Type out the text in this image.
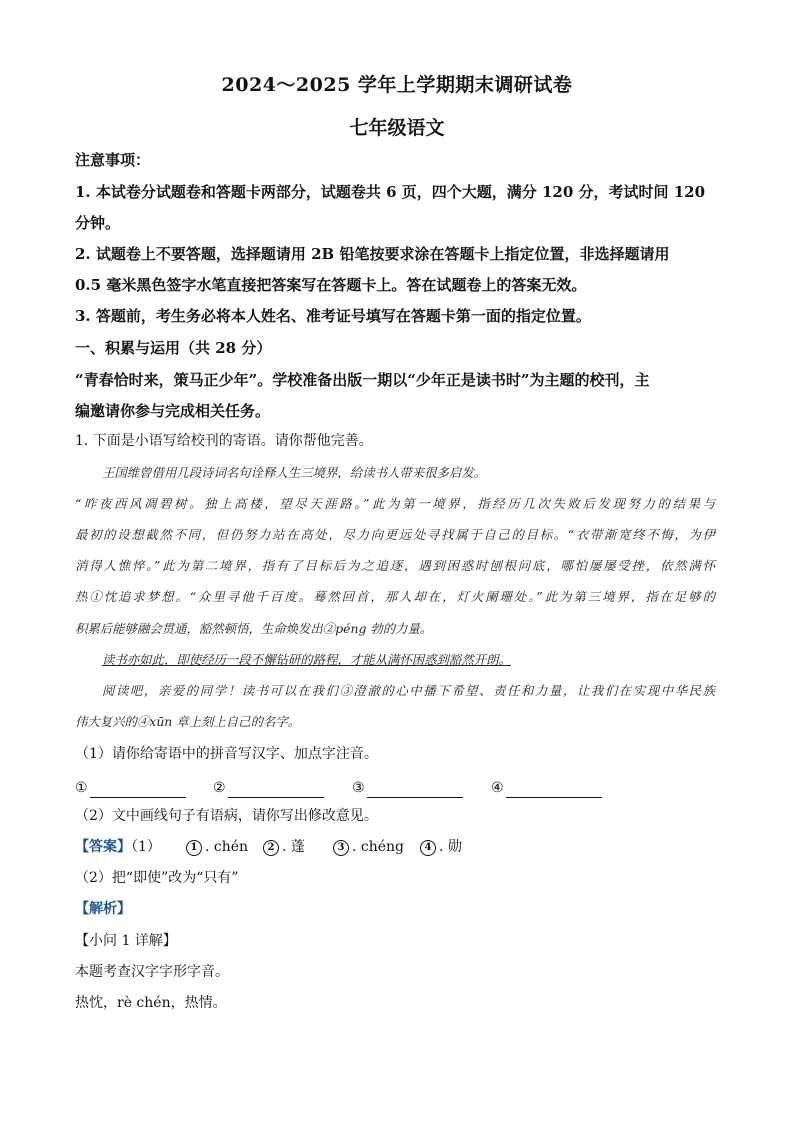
2024～2025 学年上学期期末调研试卷
七年级语文
注意事项：
1. 本试卷分试题卷和答题卡两部分，试题卷共 6 页，四个大题，满分 120 分，考试时间 120
分钟。
2. 试题卷上不要答题，选择题请用 2B 铅笔按要求涂在答题卡上指定位置，非选择题请用
0.5 毫米黑色签字水笔直接把答案写在答题卡上。答在试题卷上的答案无效。
3. 答题前，考生务必将本人姓名、准考证号填写在答题卡第一面的指定位置。
一、积累与运用（共 28 分）
“青春恰时来，策马正少年”。学校准备出版一期以“少年正是读书时”为主题的校刊，主
编邀请你参与完成相关任务。
1. 下面是小语写给校刊的寄语。请你帮他完善。
王国维曾借用几段诗词名句诠释人生三境界，给读书人带来很多启发。
“昨夜西风凋碧树。独上高楼，望尽天涯路。”此为第一境界，指经历几次失败后发现努力的结果与
最初的设想截然不同，但仍努力站在高处，尽力向更远处寻找属于自己的目标。“衣带渐宽终不悔，为伊
消得人憔悴。”此为第二境界，指有了目标后为之追逐，遇到困惑时刨根问底，哪怕屡屡受挫，依然满怀
热①忱追求梦想。“众里寻他千百度。蓦然回首，那人却在，灯火阑珊处。”此为第三境界，指在足够的
积累后能够融会贯通，豁然顿悟，生命焕发出②péng 勃的力量。
读书亦如此，即使经历一段不懈钻研的路程，才能从满怀困惑到豁然开朗。
阅读吧，亲爱的同学！读书可以在我们③澄澈的心中播下希望、责任和力量，让我们在实现中华民族
伟大复兴的④xūn 章上刻上自己的名字。
（1）请你给寄语中的拼音写汉字、加点字注音。
①	②	③	④
（2）文中画线句子有语病，请你写出修改意见。
【答案】（1）	1 . chén	2 . 蓬	3 . chéng	4 . 勋
（2）把“即使”改为“只有”
【解析】
【小问 1 详解】
本题考查汉字字形字音。
热忱，rè chén，热情。
